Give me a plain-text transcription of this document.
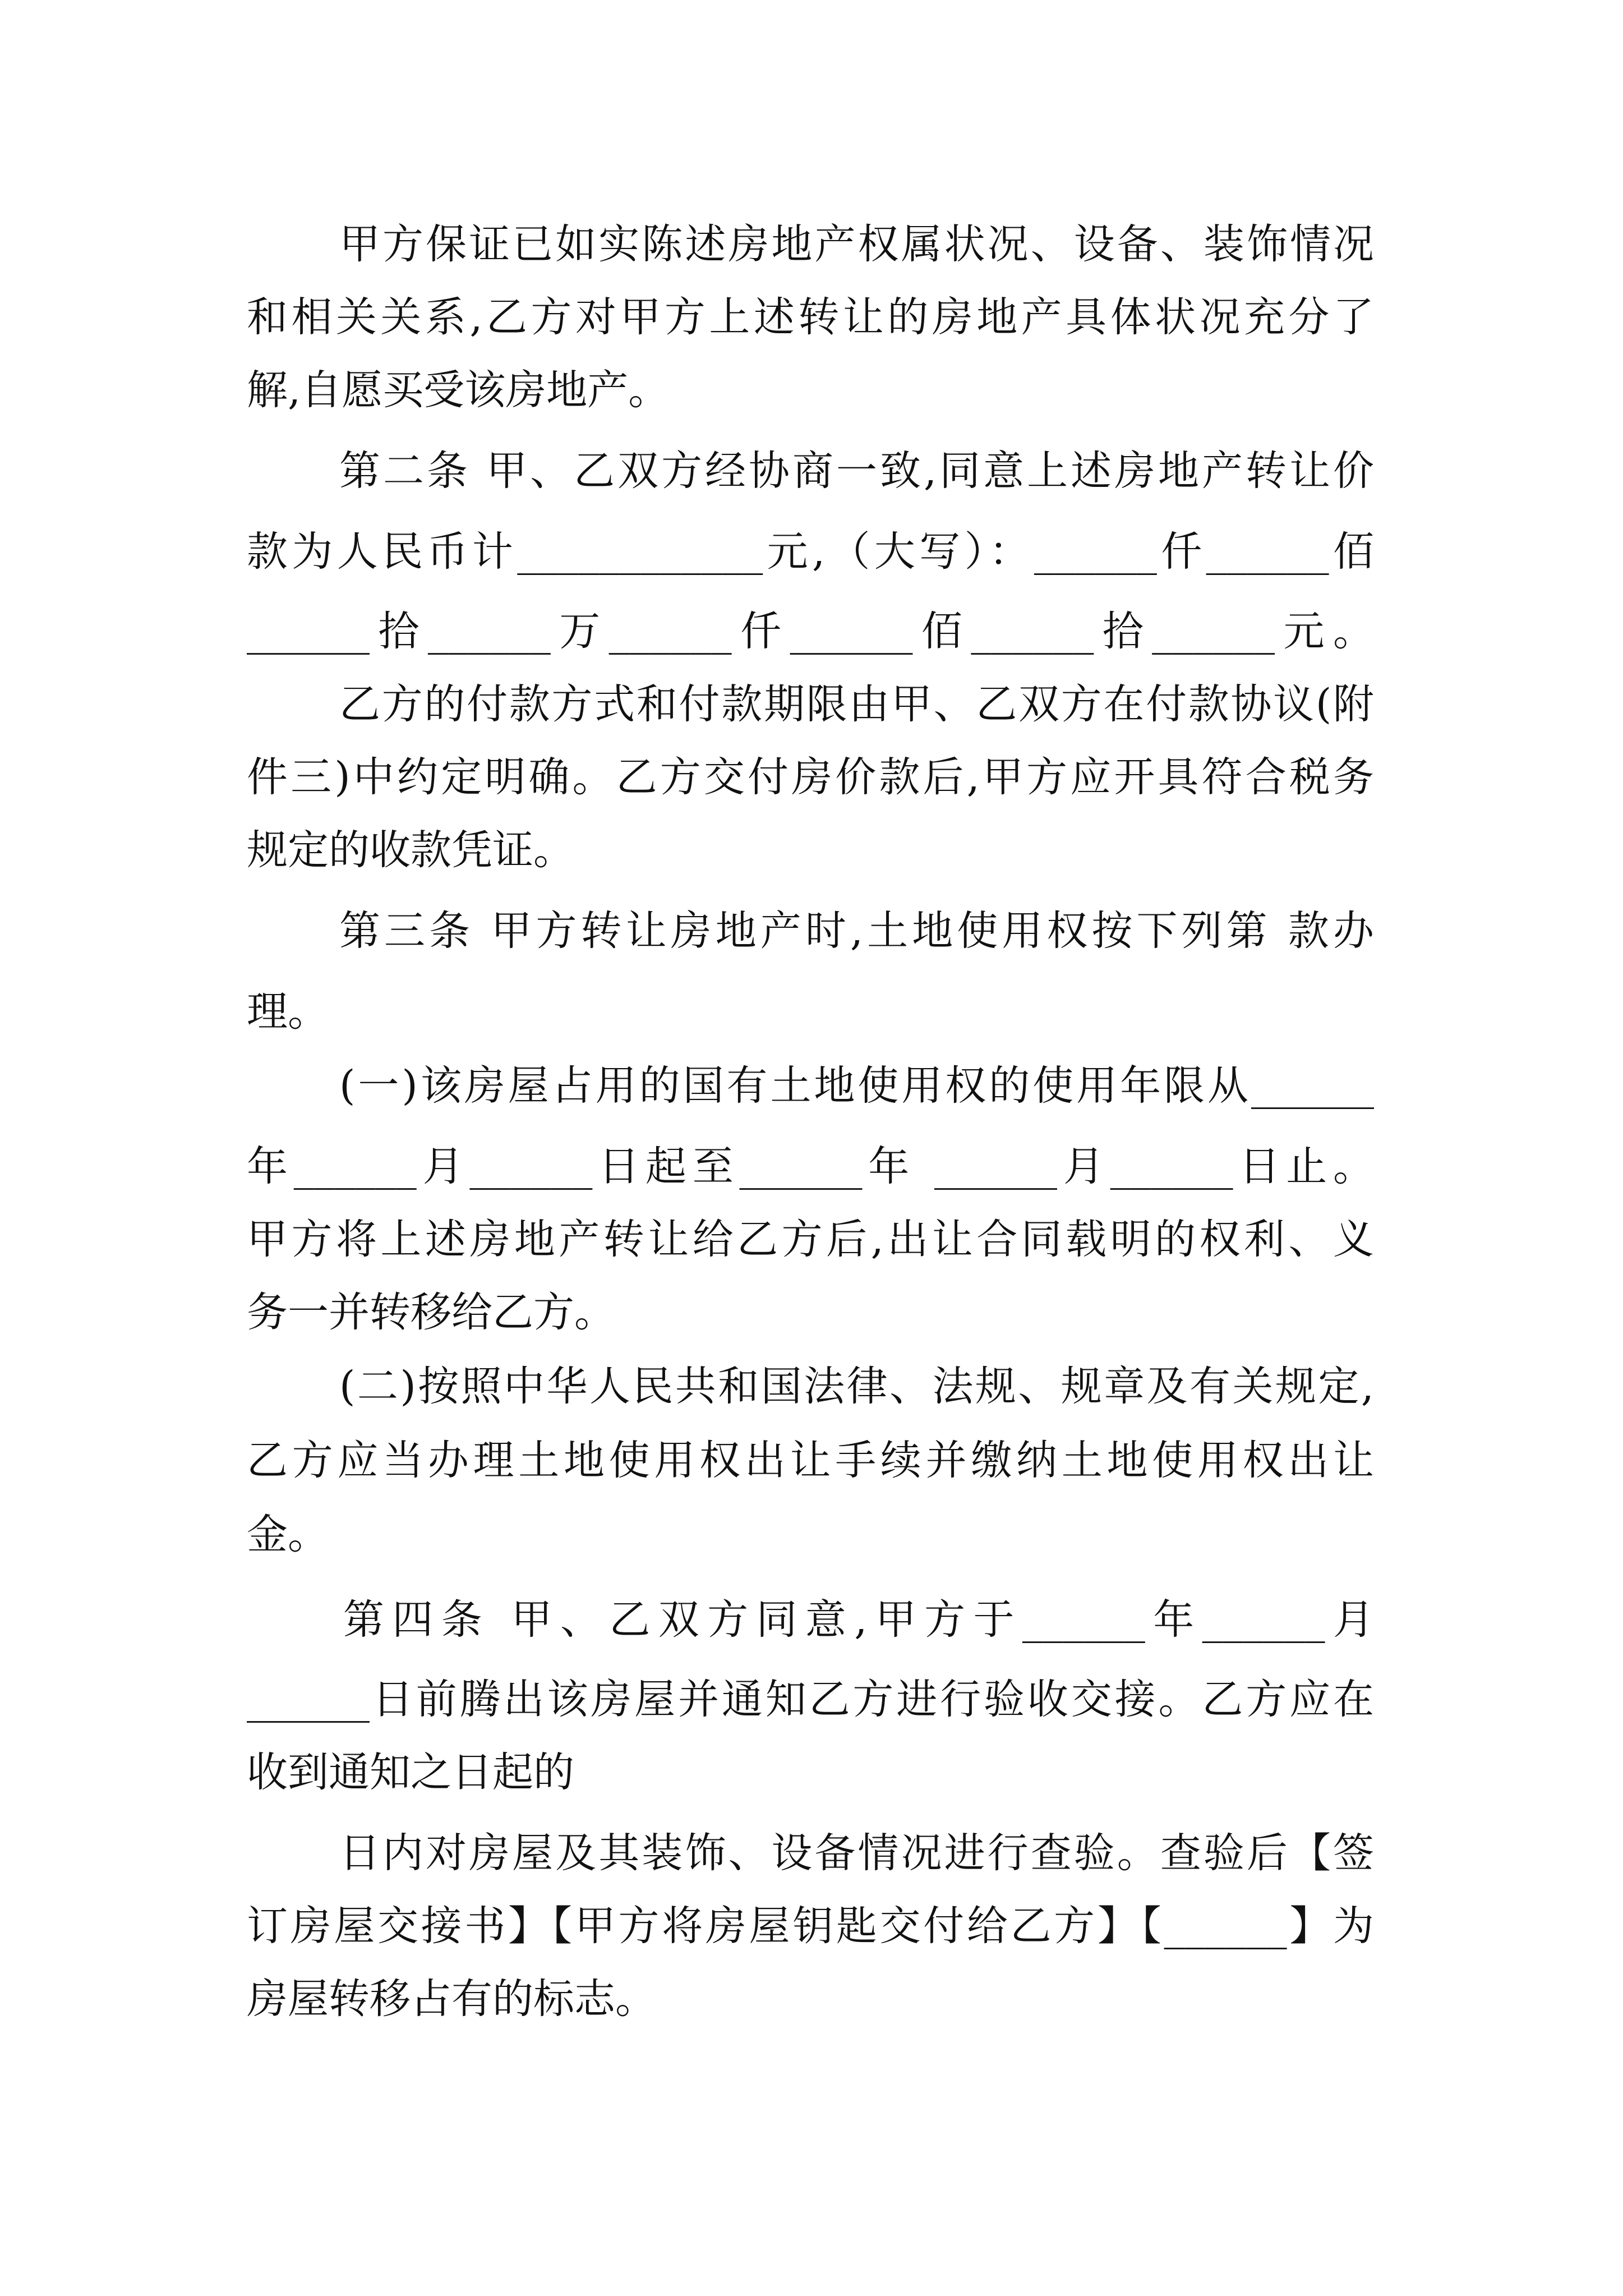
甲方保证已如实陈述房地产权属状况、设备、装饰情况
和相关关系,乙方对甲方上述转让的房地产具体状况充分了
解,自愿买受该房地产。
第二条 甲、乙双方经协商一致,同意上述房地产转让价
款为人民币计____________元,（大写）：______仟______佰
______拾______万______仟______佰______拾______元。
乙方的付款方式和付款期限由甲、乙双方在付款协议(附
件三)中约定明确。乙方交付房价款后,甲方应开具符合税务
规定的收款凭证。
第三条 甲方转让房地产时,土地使用权按下列第 款办
理。
(一)该房屋占用的国有土地使用权的使用年限从______
年______月______日起至______年 ______月______日止。
甲方将上述房地产转让给乙方后,出让合同载明的权利、义
务一并转移给乙方。
(二)按照中华人民共和国法律、法规、规章及有关规定,
乙方应当办理土地使用权出让手续并缴纳土地使用权出让
金。
第四条 甲、乙双方同意,甲方于______年______月
______日前腾出该房屋并通知乙方进行验收交接。乙方应在
收到通知之日起的
日内对房屋及其装饰、设备情况进行查验。查验后【签
订房屋交接书】【甲方将房屋钥匙交付给乙方】【______】为
房屋转移占有的标志。
